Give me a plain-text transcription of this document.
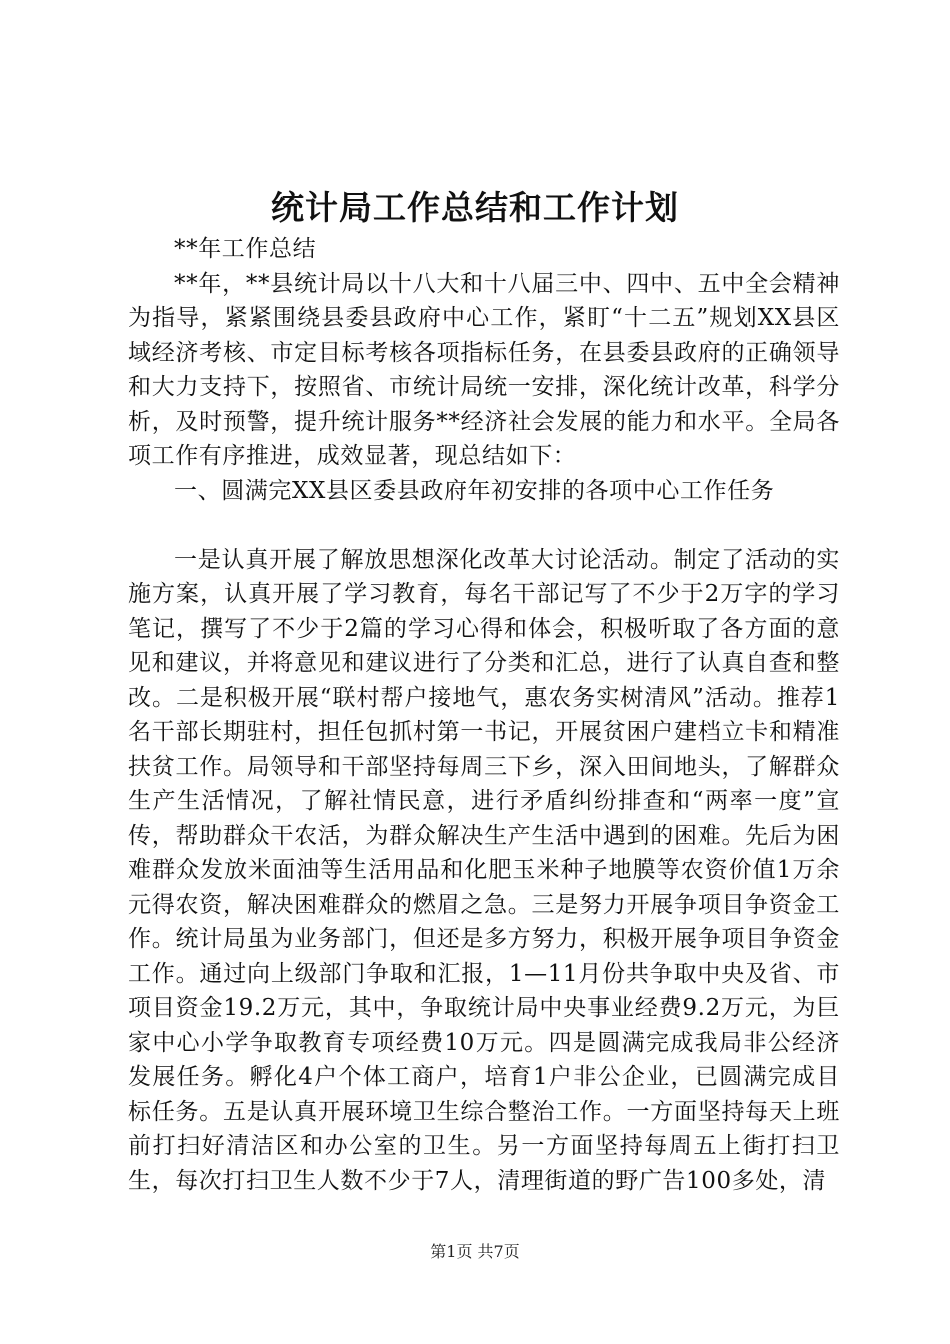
统计局工作总结和工作计划

**年工作总结

**年，**县统计局以十八大和十八届三中、四中、五中全会精神为指导，紧紧围绕县委县政府中心工作，紧盯“十二五”规划XX县区域经济考核、市定目标考核各项指标任务，在县委县政府的正确领导和大力支持下，按照省、市统计局统一安排，深化统计改革，科学分析，及时预警，提升统计服务**经济社会发展的能力和水平。全局各项工作有序推进，成效显著，现总结如下：

一、圆满完XX县区委县政府年初安排的各项中心工作任务

一是认真开展了解放思想深化改革大讨论活动。制定了活动的实施方案，认真开展了学习教育，每名干部记写了不少于2万字的学习笔记，撰写了不少于2篇的学习心得和体会，积极听取了各方面的意见和建议，并将意见和建议进行了分类和汇总，进行了认真自查和整改。二是积极开展“联村帮户接地气，惠农务实树清风”活动。推荐1名干部长期驻村，担任包抓村第一书记，开展贫困户建档立卡和精准扶贫工作。局领导和干部坚持每周三下乡，深入田间地头，了解群众生产生活情况，了解社情民意，进行矛盾纠纷排查和“两率一度”宣传，帮助群众干农活，为群众解决生产生活中遇到的困难。先后为困难群众发放米面油等生活用品和化肥玉米种子地膜等农资价值1万余元得农资，解决困难群众的燃眉之急。三是努力开展争项目争资金工作。统计局虽为业务部门，但还是多方努力，积极开展争项目争资金工作。通过向上级部门争取和汇报，1—11月份共争取中央及省、市项目资金19.2万元，其中，争取统计局中央事业经费9.2万元，为巨家中心小学争取教育专项经费10万元。四是圆满完成我局非公经济发展任务。孵化4户个体工商户，培育1户非公企业，已圆满完成目标任务。五是认真开展环境卫生综合整治工作。一方面坚持每天上班前打扫好清洁区和办公室的卫生。另一方面坚持每周五上街打扫卫生，每次打扫卫生人数不少于7人，清理街道的野广告100多处，清

第1页 共7页
